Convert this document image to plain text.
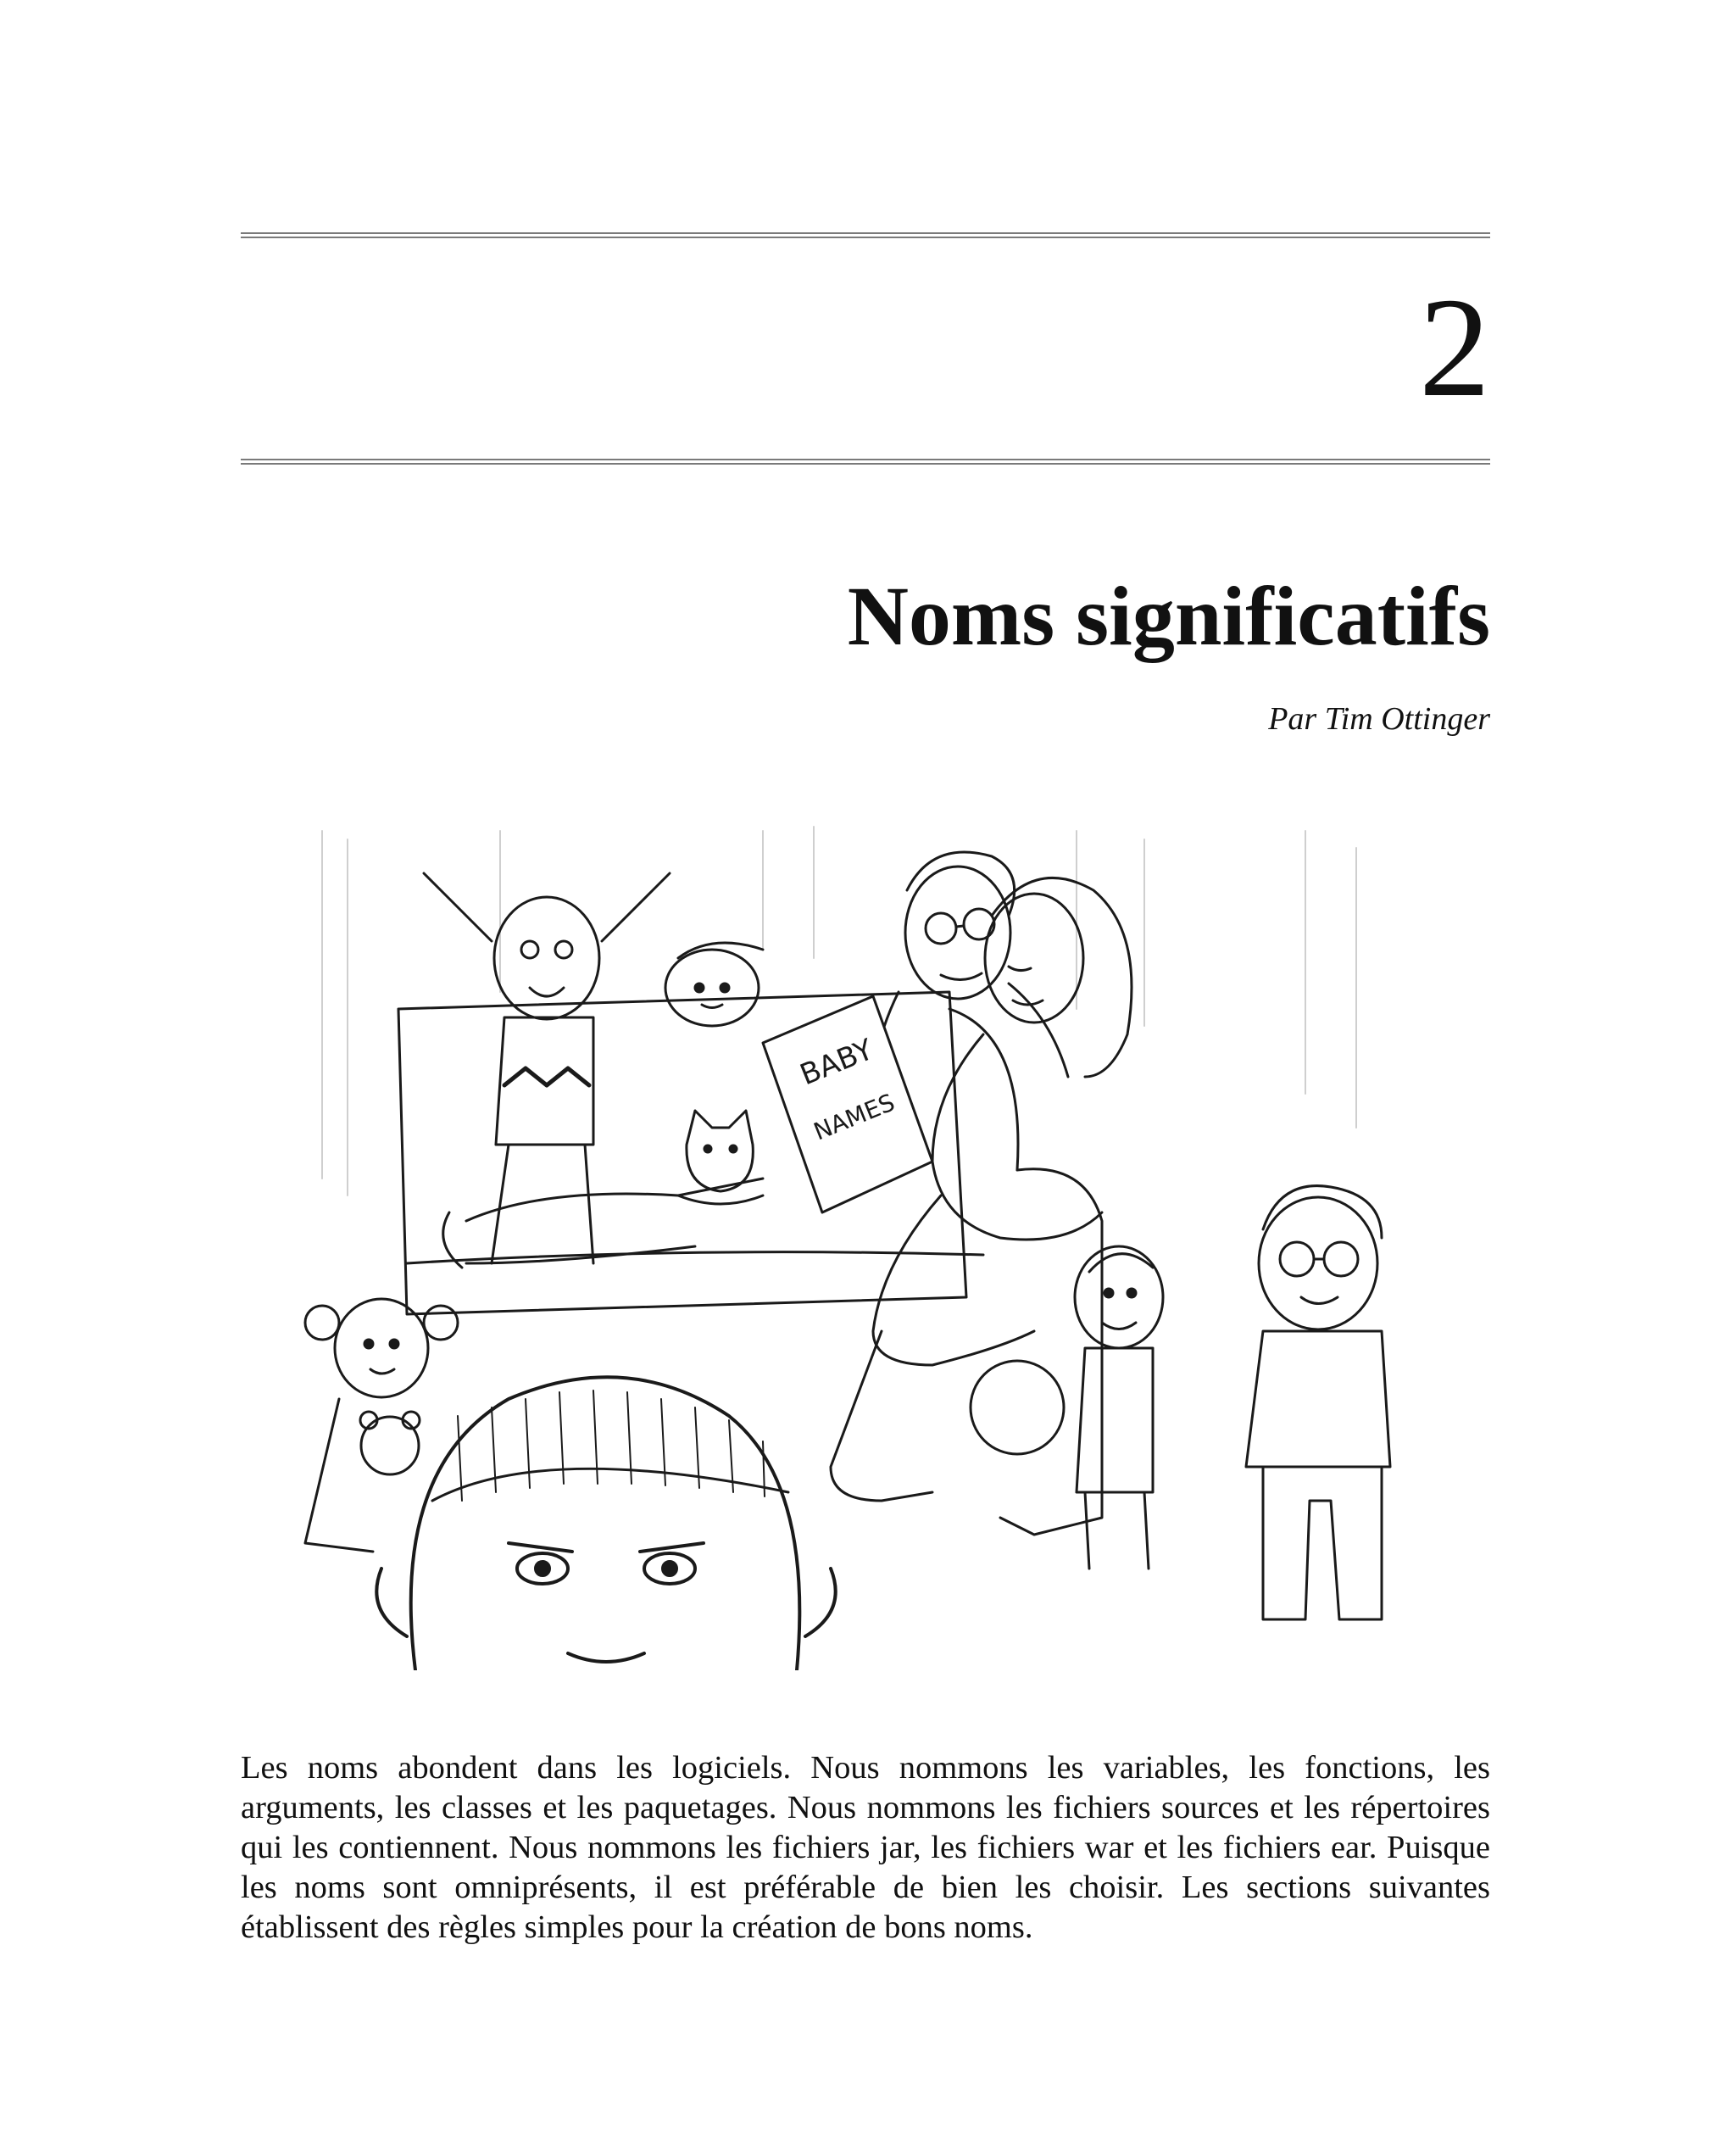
2
Noms significatifs

Par Tim Ottinger

BABY
NAMES

Les noms abondent dans les logiciels. Nous nommons les variables, les fonctions, les arguments, les classes et les paquetages. Nous nommons les fichiers sources et les répertoires qui les contiennent. Nous nommons les fichiers jar, les fichiers war et les fichiers ear. Puisque les noms sont omniprésents, il est préférable de bien les choisir. Les sections suivantes établissent des règles simples pour la création de bons noms.
